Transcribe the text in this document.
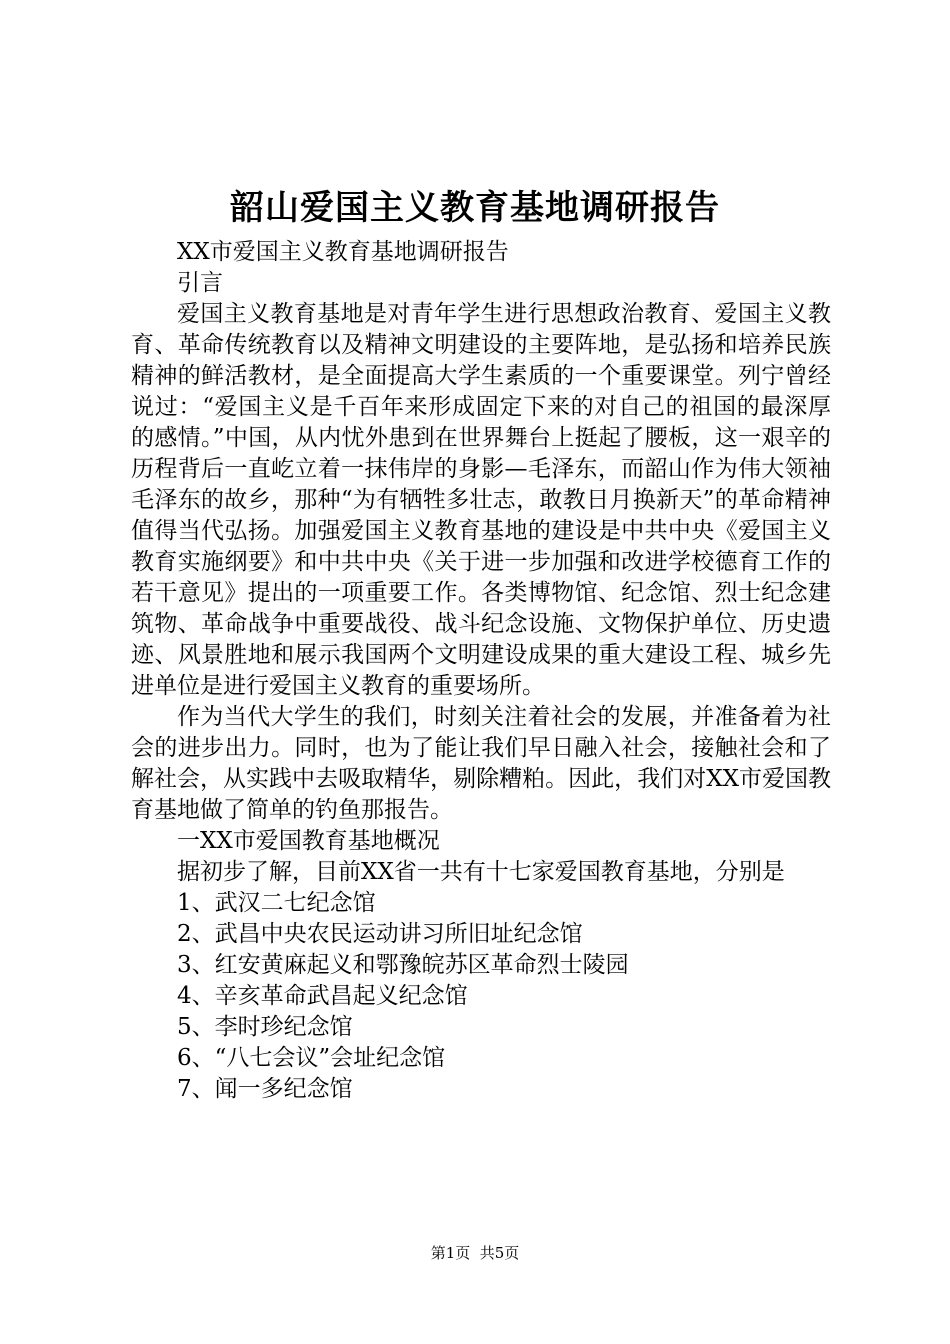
韶山爱国主义教育基地调研报告

XX市爱国主义教育基地调研报告

引言

爱国主义教育基地是对青年学生进行思想政治教育、爱国主义教育、革命传统教育以及精神文明建设的主要阵地，是弘扬和培养民族精神的鲜活教材，是全面提高大学生素质的一个重要课堂。列宁曾经说过：“爱国主义是千百年来形成固定下来的对自己的祖国的最深厚的感情。”中国，从内忧外患到在世界舞台上挺起了腰板，这一艰辛的历程背后一直屹立着一抹伟岸的身影—毛泽东，而韶山作为伟大领袖毛泽东的故乡，那种“为有牺牲多壮志，敢教日月换新天”的革命精神值得当代弘扬。加强爱国主义教育基地的建设是中共中央《爱国主义教育实施纲要》和中共中央《关于进一步加强和改进学校德育工作的若干意见》提出的一项重要工作。各类博物馆、纪念馆、烈士纪念建筑物、革命战争中重要战役、战斗纪念设施、文物保护单位、历史遗迹、风景胜地和展示我国两个文明建设成果的重大建设工程、城乡先进单位是进行爱国主义教育的重要场所。

作为当代大学生的我们，时刻关注着社会的发展，并准备着为社会的进步出力。同时，也为了能让我们早日融入社会，接触社会和了解社会，从实践中去吸取精华，剔除糟粕。因此，我们对XX市爱国教育基地做了简单的钓鱼那报告。

一XX市爱国教育基地概况

据初步了解，目前XX省一共有十七家爱国教育基地，分别是

1、武汉二七纪念馆

2、武昌中央农民运动讲习所旧址纪念馆

3、红安黄麻起义和鄂豫皖苏区革命烈士陵园

4、辛亥革命武昌起义纪念馆

5、李时珍纪念馆

6、“八七会议”会址纪念馆

7、闻一多纪念馆

第1页  共5页
